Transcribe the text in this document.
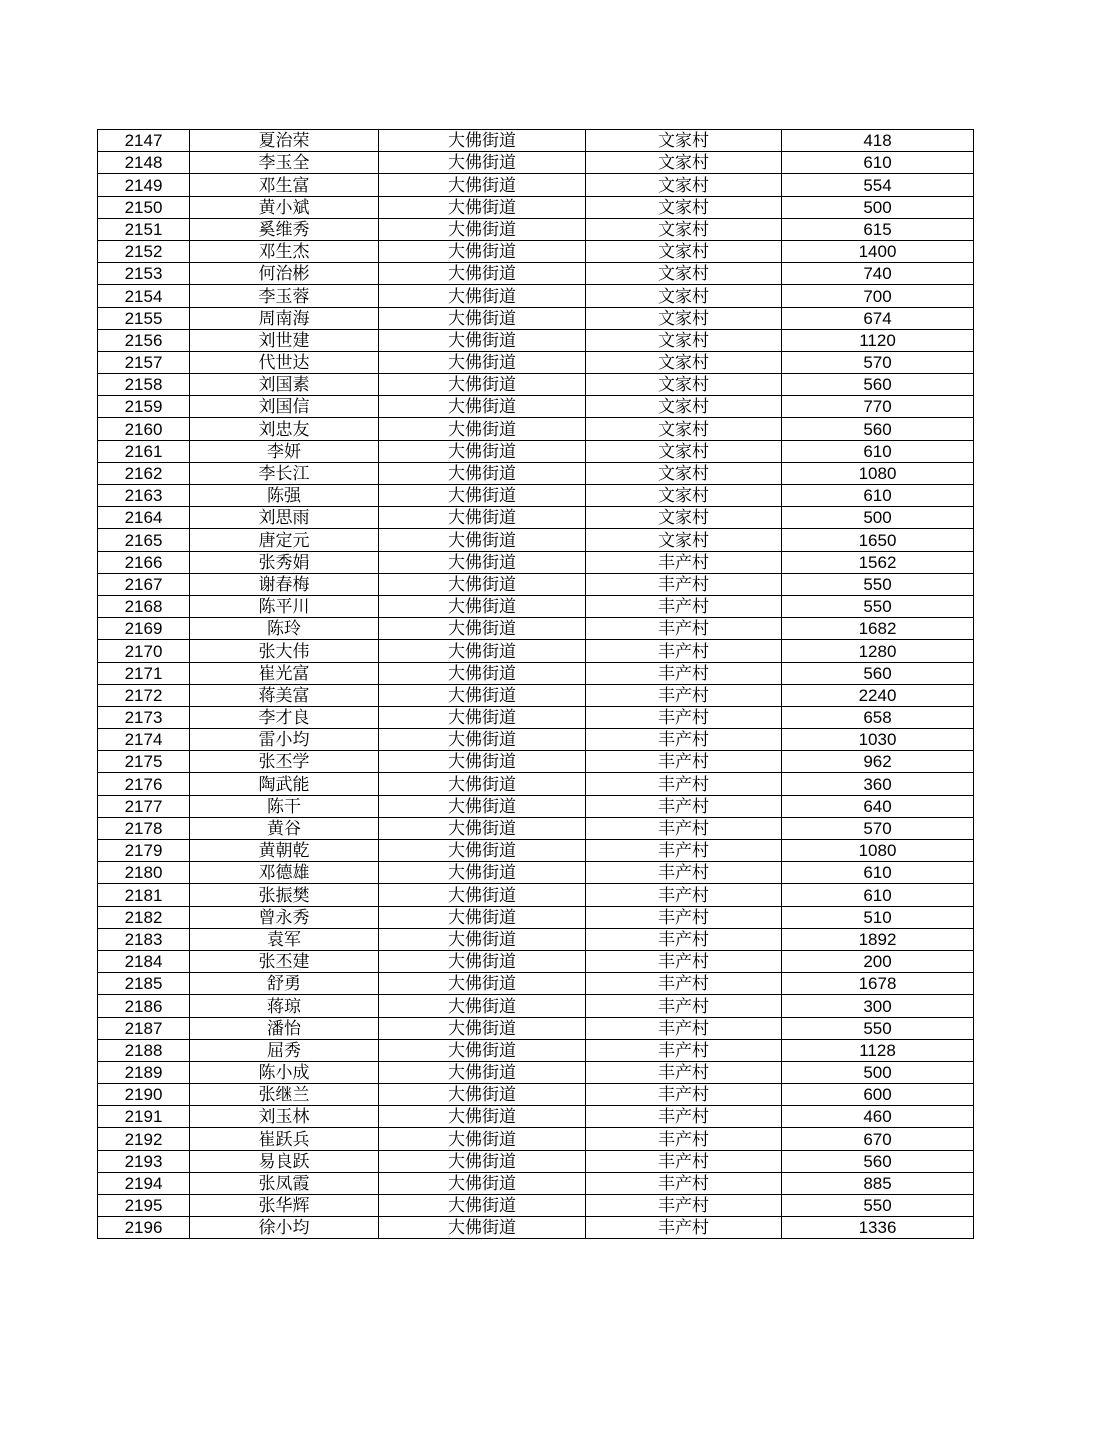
2147	夏治荣	大佛街道	文家村	418
2148	李玉全	大佛街道	文家村	610
2149	邓生富	大佛街道	文家村	554
2150	黄小斌	大佛街道	文家村	500
2151	奚维秀	大佛街道	文家村	615
2152	邓生杰	大佛街道	文家村	1400
2153	何治彬	大佛街道	文家村	740
2154	李玉蓉	大佛街道	文家村	700
2155	周南海	大佛街道	文家村	674
2156	刘世建	大佛街道	文家村	1120
2157	代世达	大佛街道	文家村	570
2158	刘国素	大佛街道	文家村	560
2159	刘国信	大佛街道	文家村	770
2160	刘忠友	大佛街道	文家村	560
2161	李妍	大佛街道	文家村	610
2162	李长江	大佛街道	文家村	1080
2163	陈强	大佛街道	文家村	610
2164	刘思雨	大佛街道	文家村	500
2165	唐定元	大佛街道	文家村	1650
2166	张秀娟	大佛街道	丰产村	1562
2167	谢春梅	大佛街道	丰产村	550
2168	陈平川	大佛街道	丰产村	550
2169	陈玲	大佛街道	丰产村	1682
2170	张大伟	大佛街道	丰产村	1280
2171	崔光富	大佛街道	丰产村	560
2172	蒋美富	大佛街道	丰产村	2240
2173	李才良	大佛街道	丰产村	658
2174	雷小均	大佛街道	丰产村	1030
2175	张丕学	大佛街道	丰产村	962
2176	陶武能	大佛街道	丰产村	360
2177	陈干	大佛街道	丰产村	640
2178	黄谷	大佛街道	丰产村	570
2179	黄朝乾	大佛街道	丰产村	1080
2180	邓德雄	大佛街道	丰产村	610
2181	张振樊	大佛街道	丰产村	610
2182	曾永秀	大佛街道	丰产村	510
2183	袁军	大佛街道	丰产村	1892
2184	张丕建	大佛街道	丰产村	200
2185	舒勇	大佛街道	丰产村	1678
2186	蒋琼	大佛街道	丰产村	300
2187	潘怡	大佛街道	丰产村	550
2188	屈秀	大佛街道	丰产村	1128
2189	陈小成	大佛街道	丰产村	500
2190	张继兰	大佛街道	丰产村	600
2191	刘玉林	大佛街道	丰产村	460
2192	崔跃兵	大佛街道	丰产村	670
2193	易良跃	大佛街道	丰产村	560
2194	张凤霞	大佛街道	丰产村	885
2195	张华辉	大佛街道	丰产村	550
2196	徐小均	大佛街道	丰产村	1336
